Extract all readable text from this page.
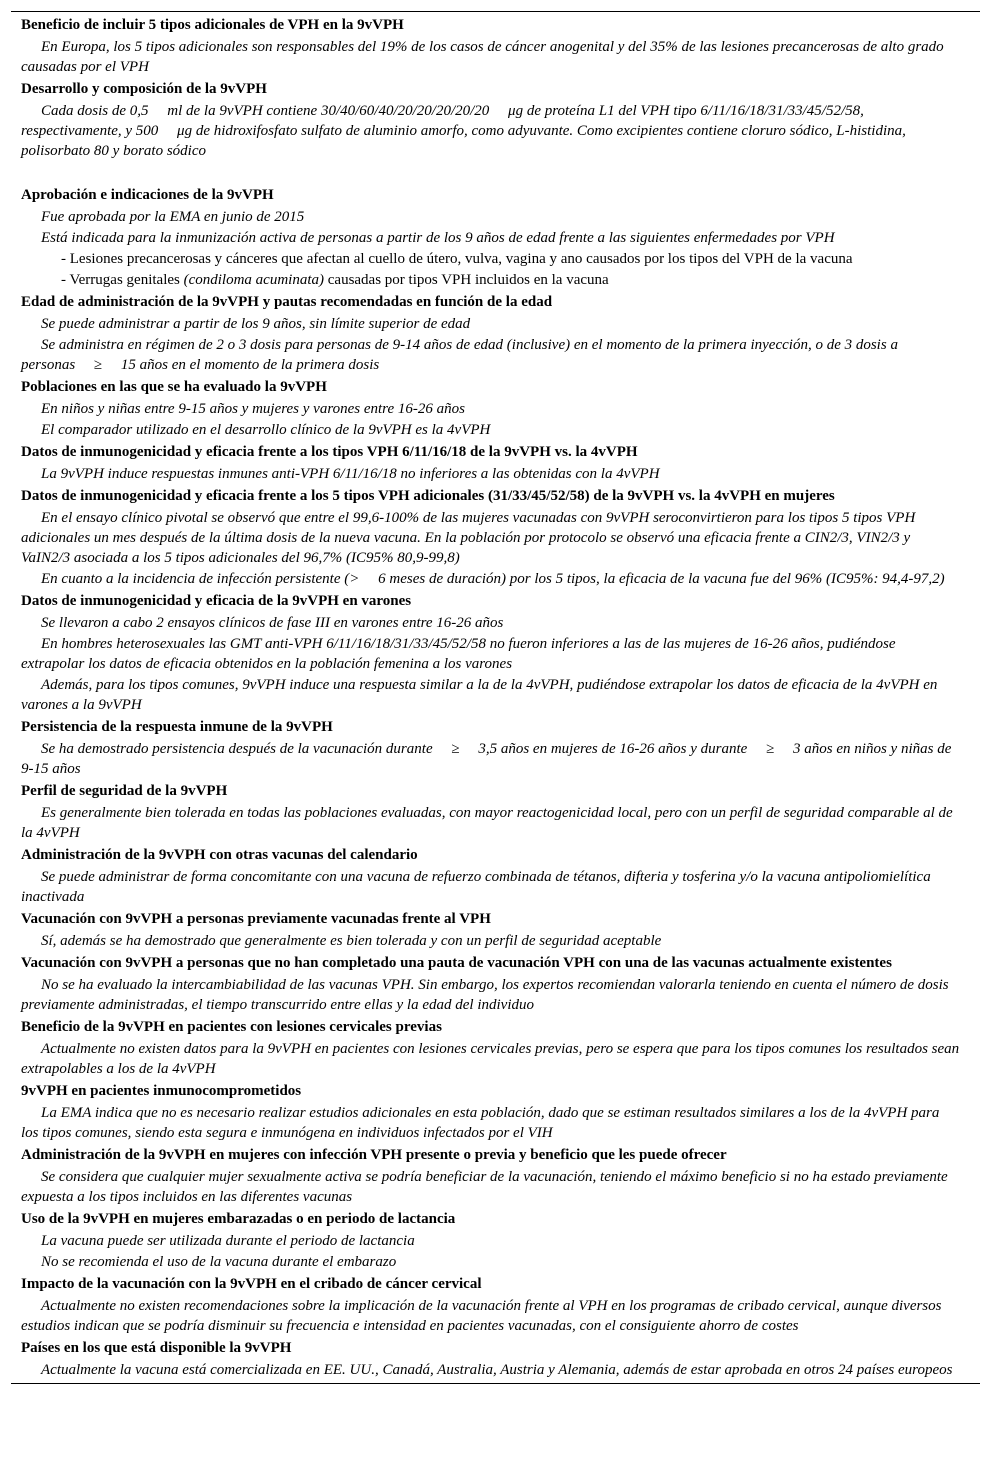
Beneficio de incluir 5 tipos adicionales de VPH en la 9vVPH
En Europa, los 5 tipos adicionales son responsables del 19% de los casos de cáncer anogenital y del 35% de las lesiones precancerosas de alto grado causadas por el VPH
Desarrollo y composición de la 9vVPH
Cada dosis de 0,5  ml de la 9vVPH contiene 30/40/60/40/20/20/20/20/20  μg de proteína L1 del VPH tipo 6/11/16/18/31/33/45/52/58, respectivamente, y 500  μg de hidroxifosfato sulfato de aluminio amorfo, como adyuvante. Como excipientes contiene cloruro sódico, L-histidina, polisorbato 80 y borato sódico
Aprobación e indicaciones de la 9vVPH
Fue aprobada por la EMA en junio de 2015
Está indicada para la inmunización activa de personas a partir de los 9 años de edad frente a las siguientes enfermedades por VPH
- Lesiones precancerosas y cánceres que afectan al cuello de útero, vulva, vagina y ano causados por los tipos del VPH de la vacuna
- Verrugas genitales (condiloma acuminata) causadas por tipos VPH incluidos en la vacuna
Edad de administración de la 9vVPH y pautas recomendadas en función de la edad
Se puede administrar a partir de los 9 años, sin límite superior de edad
Se administra en régimen de 2 o 3 dosis para personas de 9-14 años de edad (inclusive) en el momento de la primera inyección, o de 3 dosis a personas  ≥  15 años en el momento de la primera dosis
Poblaciones en las que se ha evaluado la 9vVPH
En niños y niñas entre 9-15 años y mujeres y varones entre 16-26 años
El comparador utilizado en el desarrollo clínico de la 9vVPH es la 4vVPH
Datos de inmunogenicidad y eficacia frente a los tipos VPH 6/11/16/18 de la 9vVPH vs. la 4vVPH
La 9vVPH induce respuestas inmunes anti-VPH 6/11/16/18 no inferiores a las obtenidas con la 4vVPH
Datos de inmunogenicidad y eficacia frente a los 5 tipos VPH adicionales (31/33/45/52/58) de la 9vVPH vs. la 4vVPH en mujeres
En el ensayo clínico pivotal se observó que entre el 99,6-100% de las mujeres vacunadas con 9vVPH seroconvirtieron para los tipos 5 tipos VPH adicionales un mes después de la última dosis de la nueva vacuna. En la población por protocolo se observó una eficacia frente a CIN2/3, VIN2/3 y VaIN2/3 asociada a los 5 tipos adicionales del 96,7% (IC95% 80,9-99,8)
En cuanto a la incidencia de infección persistente (>  6 meses de duración) por los 5 tipos, la eficacia de la vacuna fue del 96% (IC95%: 94,4-97,2)
Datos de inmunogenicidad y eficacia de la 9vVPH en varones
Se llevaron a cabo 2 ensayos clínicos de fase III en varones entre 16-26 años
En hombres heterosexuales las GMT anti-VPH 6/11/16/18/31/33/45/52/58 no fueron inferiores a las de las mujeres de 16-26 años, pudiéndose extrapolar los datos de eficacia obtenidos en la población femenina a los varones
Además, para los tipos comunes, 9vVPH induce una respuesta similar a la de la 4vVPH, pudiéndose extrapolar los datos de eficacia de la 4vVPH en varones a la 9vVPH
Persistencia de la respuesta inmune de la 9vVPH
Se ha demostrado persistencia después de la vacunación durante  ≥  3,5 años en mujeres de 16-26 años y durante  ≥  3 años en niños y niñas de 9-15 años
Perfil de seguridad de la 9vVPH
Es generalmente bien tolerada en todas las poblaciones evaluadas, con mayor reactogenicidad local, pero con un perfil de seguridad comparable al de la 4vVPH
Administración de la 9vVPH con otras vacunas del calendario
Se puede administrar de forma concomitante con una vacuna de refuerzo combinada de tétanos, difteria y tosferina y/o la vacuna antipoliomielítica inactivada
Vacunación con 9vVPH a personas previamente vacunadas frente al VPH
Sí, además se ha demostrado que generalmente es bien tolerada y con un perfil de seguridad aceptable
Vacunación con 9vVPH a personas que no han completado una pauta de vacunación VPH con una de las vacunas actualmente existentes
No se ha evaluado la intercambiabilidad de las vacunas VPH. Sin embargo, los expertos recomiendan valorarla teniendo en cuenta el número de dosis previamente administradas, el tiempo transcurrido entre ellas y la edad del individuo
Beneficio de la 9vVPH en pacientes con lesiones cervicales previas
Actualmente no existen datos para la 9vVPH en pacientes con lesiones cervicales previas, pero se espera que para los tipos comunes los resultados sean extrapolables a los de la 4vVPH
9vVPH en pacientes inmunocomprometidos
La EMA indica que no es necesario realizar estudios adicionales en esta población, dado que se estiman resultados similares a los de la 4vVPH para los tipos comunes, siendo esta segura e inmunógena en individuos infectados por el VIH
Administración de la 9vVPH en mujeres con infección VPH presente o previa y beneficio que les puede ofrecer
Se considera que cualquier mujer sexualmente activa se podría beneficiar de la vacunación, teniendo el máximo beneficio si no ha estado previamente expuesta a los tipos incluidos en las diferentes vacunas
Uso de la 9vVPH en mujeres embarazadas o en periodo de lactancia
La vacuna puede ser utilizada durante el periodo de lactancia
No se recomienda el uso de la vacuna durante el embarazo
Impacto de la vacunación con la 9vVPH en el cribado de cáncer cervical
Actualmente no existen recomendaciones sobre la implicación de la vacunación frente al VPH en los programas de cribado cervical, aunque diversos estudios indican que se podría disminuir su frecuencia e intensidad en pacientes vacunadas, con el consiguiente ahorro de costes
Países en los que está disponible la 9vVPH
Actualmente la vacuna está comercializada en EE. UU., Canadá, Australia, Austria y Alemania, además de estar aprobada en otros 24 países europeos
